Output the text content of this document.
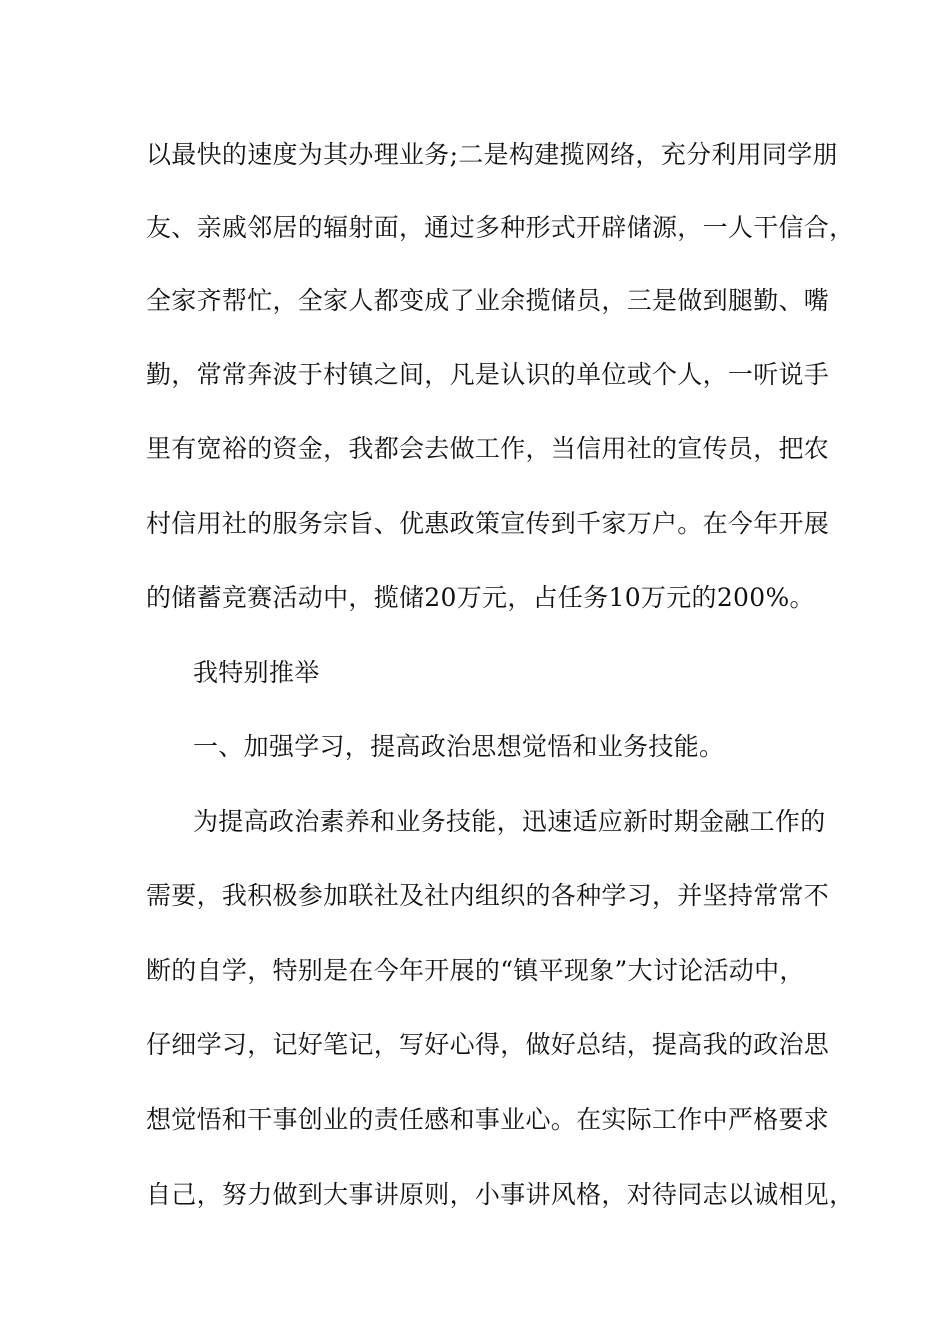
以最快的速度为其办理业务;二是构建揽网络，充分利用同学朋
友、亲戚邻居的辐射面，通过多种形式开辟储源，一人干信合，
全家齐帮忙，全家人都变成了业余揽储员，三是做到腿勤、嘴
勤，常常奔波于村镇之间，凡是认识的单位或个人，一听说手
里有宽裕的资金，我都会去做工作，当信用社的宣传员，把农
村信用社的服务宗旨、优惠政策宣传到千家万户。在今年开展
的储蓄竞赛活动中，揽储20万元，占任务10万元的200%。
我特别推举
一、加强学习，提高政治思想觉悟和业务技能。
为提高政治素养和业务技能，迅速适应新时期金融工作的
需要，我积极参加联社及社内组织的各种学习，并坚持常常不
断的自学，特别是在今年开展的“镇平现象”大讨论活动中，
仔细学习，记好笔记，写好心得，做好总结，提高我的政治思
想觉悟和干事创业的责任感和事业心。在实际工作中严格要求
自己，努力做到大事讲原则，小事讲风格，对待同志以诚相见，
